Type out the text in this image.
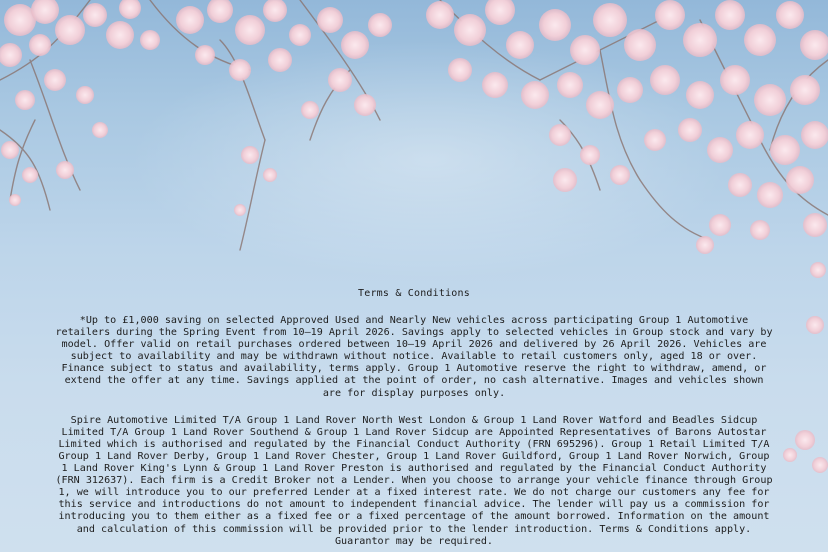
Terms & Conditions
*Up to £1,000 saving on selected Approved Used and Nearly New vehicles across participating Group 1 Automotive retailers during the Spring Event from 10–19 April 2026. Savings apply to selected vehicles in Group stock and vary by model. Offer valid on retail purchases ordered between 10–19 April 2026 and delivered by 26 April 2026. Vehicles are subject to availability and may be withdrawn without notice. Available to retail customers only, aged 18 or over. Finance subject to status and availability, terms apply. Group 1 Automotive reserve the right to withdraw, amend, or extend the offer at any time. Savings applied at the point of order, no cash alternative. Images and vehicles shown are for display purposes only.
Spire Automotive Limited T/A Group 1 Land Rover North West London & Group 1 Land Rover Watford and Beadles Sidcup Limited T/A Group 1 Land Rover Southend & Group 1 Land Rover Sidcup are Appointed Representatives of Barons Autostar Limited which is authorised and regulated by the Financial Conduct Authority (FRN 695296). Group 1 Retail Limited T/A Group 1 Land Rover Derby, Group 1 Land Rover Chester, Group 1 Land Rover Guildford, Group 1 Land Rover Norwich, Group 1 Land Rover King's Lynn & Group 1 Land Rover Preston is authorised and regulated by the Financial Conduct Authority (FRN 312637). Each firm is a Credit Broker not a Lender. When you choose to arrange your vehicle finance through Group 1, we will introduce you to our preferred Lender at a fixed interest rate. We do not charge our customers any fee for this service and introductions do not amount to independent financial advice. The lender will pay us a commission for introducing you to them either as a fixed fee or a fixed percentage of the amount borrowed. Information on the amount and calculation of this commission will be provided prior to the lender introduction. Terms & Conditions apply. Guarantor may be required.
